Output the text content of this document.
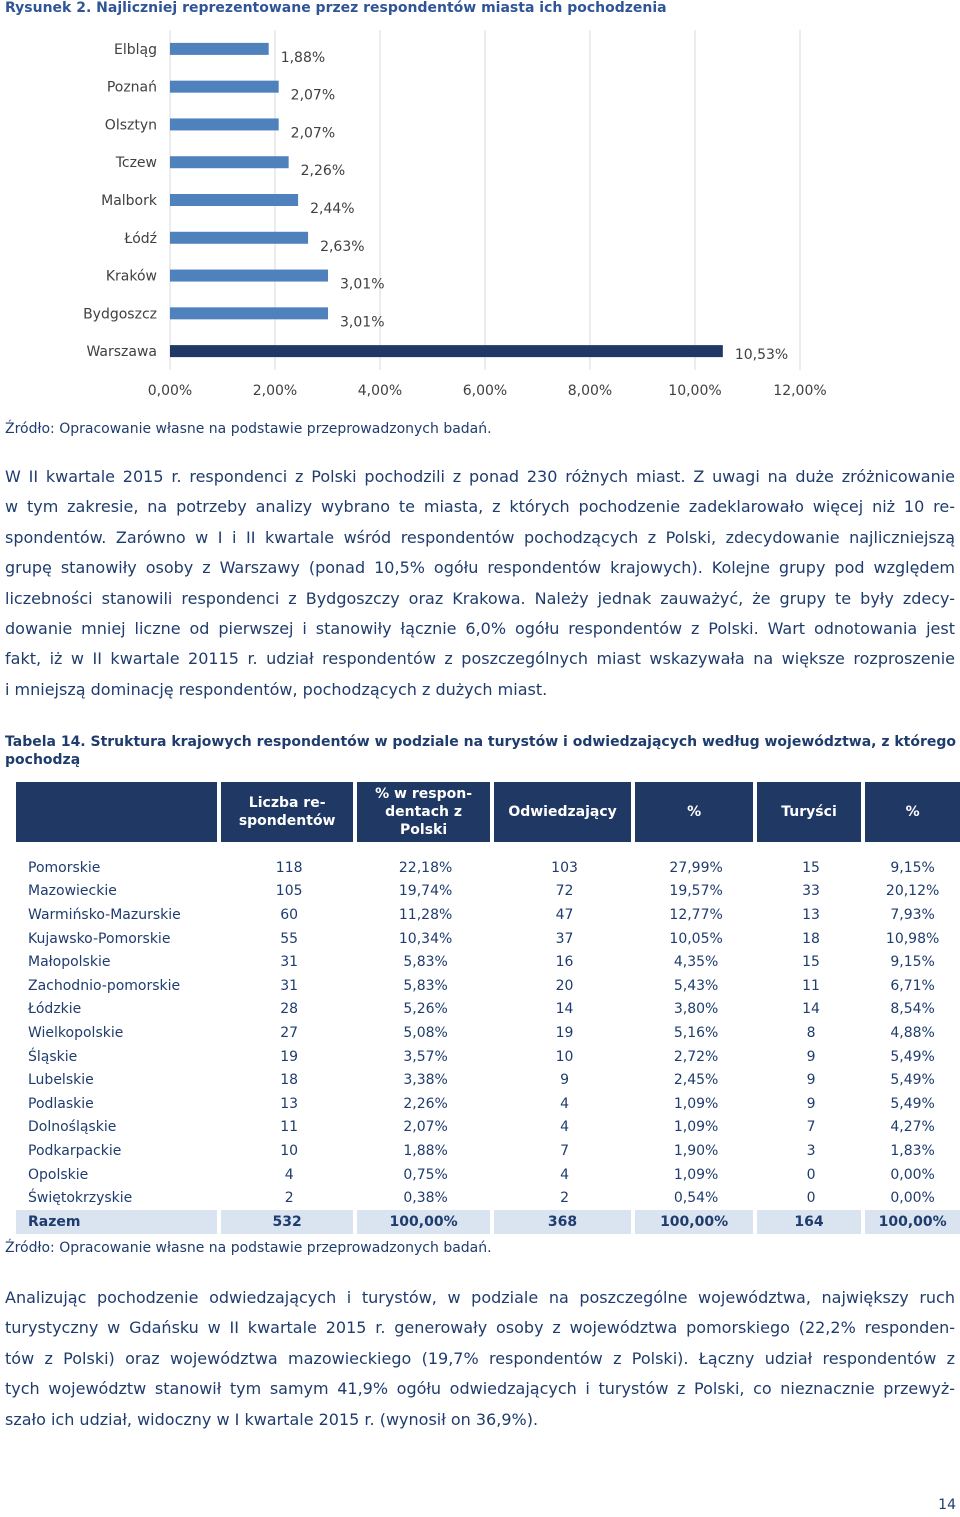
Rysunek 2. Najliczniej reprezentowane przez respondentów miasta ich pochodzenia
Elbląg
Poznań
Olsztyn
Tczew
Malbork
Łódź
Kraków
Bydgoszcz
Warszawa
1,88%
2,07%
2,07%
2,26%
2,44%
2,63%
3,01%
3,01%
10,53%
0,00%	2,00%	4,00%	6,00%	8,00%	10,00%	12,00%
Źródło: Opracowanie własne na podstawie przeprowadzonych badań.
W II kwartale 2015 r. respondenci z Polski pochodzili z ponad 230 różnych miast. Z uwagi na duże zróżnicowanie
w tym zakresie, na potrzeby analizy wybrano te miasta, z których pochodzenie zadeklarowało więcej niż 10 re-
spondentów. Zarówno w I i II kwartale wśród respondentów pochodzących z Polski, zdecydowanie najliczniejszą
grupę stanowiły osoby z Warszawy (ponad 10,5% ogółu respondentów krajowych). Kolejne grupy pod względem
liczebności stanowili respondenci z Bydgoszczy oraz Krakowa. Należy jednak zauważyć, że grupy te były zdecy-
dowanie mniej liczne od pierwszej i stanowiły łącznie 6,0% ogółu respondentów z Polski. Wart odnotowania jest
fakt, iż w II kwartale 20115 r. udział respondentów z poszczególnych miast wskazywała na większe rozproszenie
i mniejszą dominację respondentów, pochodzących z dużych miast.
Tabela 14. Struktura krajowych respondentów w podziale na turystów i odwiedzających według województwa, z którego pochodzą
	Liczba re-spondentów	% w respon-dentach z Polski	Odwiedzający	%	Turyści	%

Pomorskie	118	22,18%	103	27,99%	15	9,15%
Mazowieckie	105	19,74%	72	19,57%	33	20,12%
Warmińsko-Mazurskie	60	11,28%	47	12,77%	13	7,93%
Kujawsko-Pomorskie	55	10,34%	37	10,05%	18	10,98%
Małopolskie	31	5,83%	16	4,35%	15	9,15%
Zachodnio-pomorskie	31	5,83%	20	5,43%	11	6,71%
Łódzkie	28	5,26%	14	3,80%	14	8,54%
Wielkopolskie	27	5,08%	19	5,16%	8	4,88%
Śląskie	19	3,57%	10	2,72%	9	5,49%
Lubelskie	18	3,38%	9	2,45%	9	5,49%
Podlaskie	13	2,26%	4	1,09%	9	5,49%
Dolnośląskie	11	2,07%	4	1,09%	7	4,27%
Podkarpackie	10	1,88%	7	1,90%	3	1,83%
Opolskie	4	0,75%	4	1,09%	0	0,00%
Świętokrzyskie	2	0,38%	2	0,54%	0	0,00%
Razem	532	100,00%	368	100,00%	164	100,00%
Źródło: Opracowanie własne na podstawie przeprowadzonych badań.
Analizując pochodzenie odwiedzających i turystów, w podziale na poszczególne województwa, największy ruch
turystyczny w Gdańsku w II kwartale 2015 r. generowały osoby z województwa pomorskiego (22,2% responden-
tów z Polski) oraz województwa mazowieckiego (19,7% respondentów z Polski). Łączny udział respondentów z
tych województw stanowił tym samym 41,9% ogółu odwiedzających i turystów z Polski, co nieznacznie przewyż-
szało ich udział, widoczny w I kwartale 2015 r. (wynosił on 36,9%).
14
